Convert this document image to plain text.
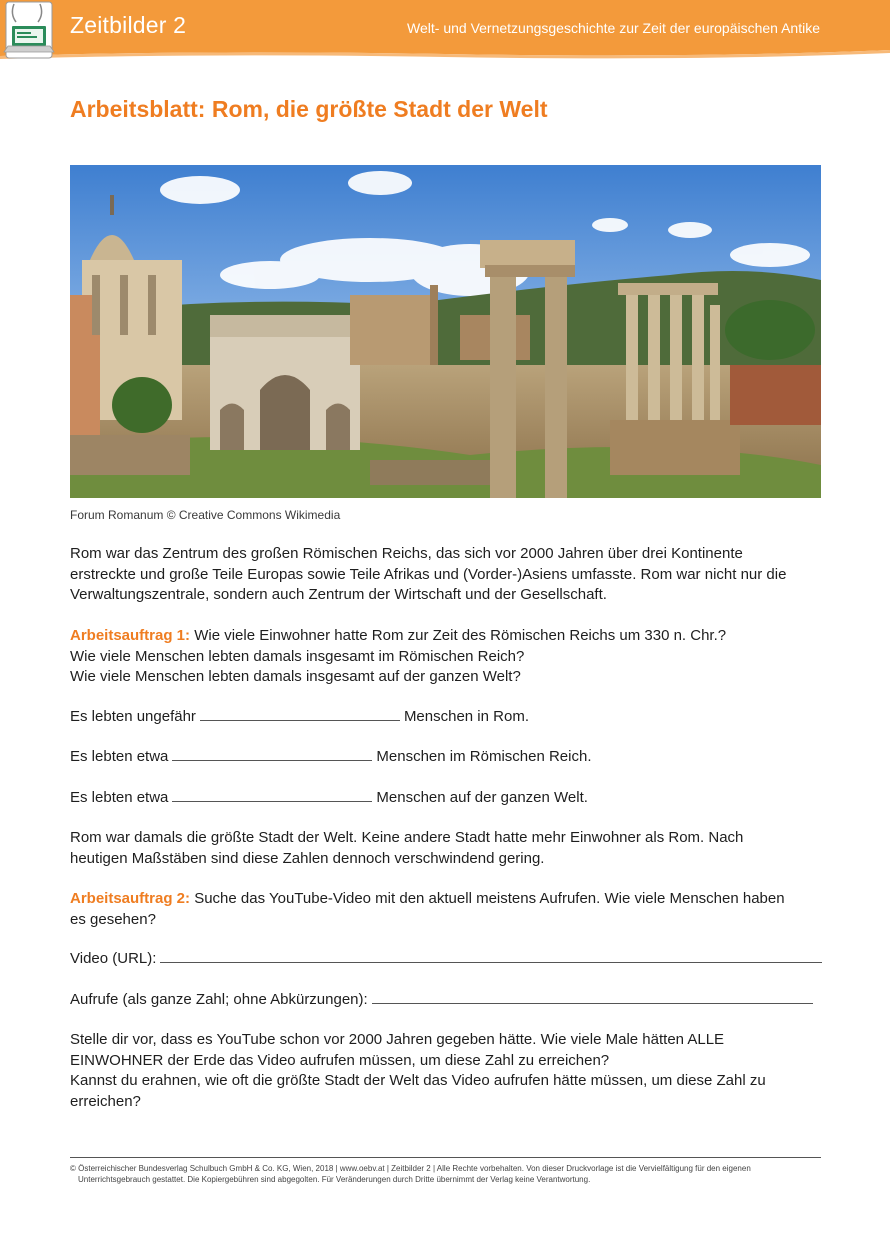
Zeitbilder 2	Welt- und Vernetzungsgeschichte zur Zeit der europäischen Antike
Arbeitsblatt: Rom, die größte Stadt der Welt
Forum Romanum © Creative Commons Wikimedia
Rom war das Zentrum des großen Römischen Reichs, das sich vor 2000 Jahren über drei Kontinente
erstreckte und große Teile Europas sowie Teile Afrikas und (Vorder-)Asiens umfasste. Rom war nicht nur die
Verwaltungszentrale, sondern auch Zentrum der Wirtschaft und der Gesellschaft.
Arbeitsauftrag 1: Wie viele Einwohner hatte Rom zur Zeit des Römischen Reichs um 330 n. Chr.?
Wie viele Menschen lebten damals insgesamt im Römischen Reich?
Wie viele Menschen lebten damals insgesamt auf der ganzen Welt?
Es lebten ungefähr	Menschen in Rom.
Es lebten etwa	Menschen im Römischen Reich.
Es lebten etwa	Menschen auf der ganzen Welt.
Rom war damals die größte Stadt der Welt. Keine andere Stadt hatte mehr Einwohner als Rom. Nach
heutigen Maßstäben sind diese Zahlen dennoch verschwindend gering.
Arbeitsauftrag 2: Suche das YouTube-Video mit den aktuell meistens Aufrufen. Wie viele Menschen haben
es gesehen?
Video (URL):
Aufrufe (als ganze Zahl; ohne Abkürzungen):
Stelle dir vor, dass es YouTube schon vor 2000 Jahren gegeben hätte. Wie viele Male hätten ALLE
EINWOHNER der Erde das Video aufrufen müssen, um diese Zahl zu erreichen?
Kannst du erahnen, wie oft die größte Stadt der Welt das Video aufrufen hätte müssen, um diese Zahl zu
erreichen?
© Österreichischer Bundesverlag Schulbuch GmbH & Co. KG, Wien, 2018 | www.oebv.at | Zeitbilder 2 | Alle Rechte vorbehalten. Von dieser Druckvorlage ist die Vervielfältigung für den eigenen
Unterrichtsgebrauch gestattet. Die Kopiergebühren sind abgegolten. Für Veränderungen durch Dritte übernimmt der Verlag keine Verantwortung.
